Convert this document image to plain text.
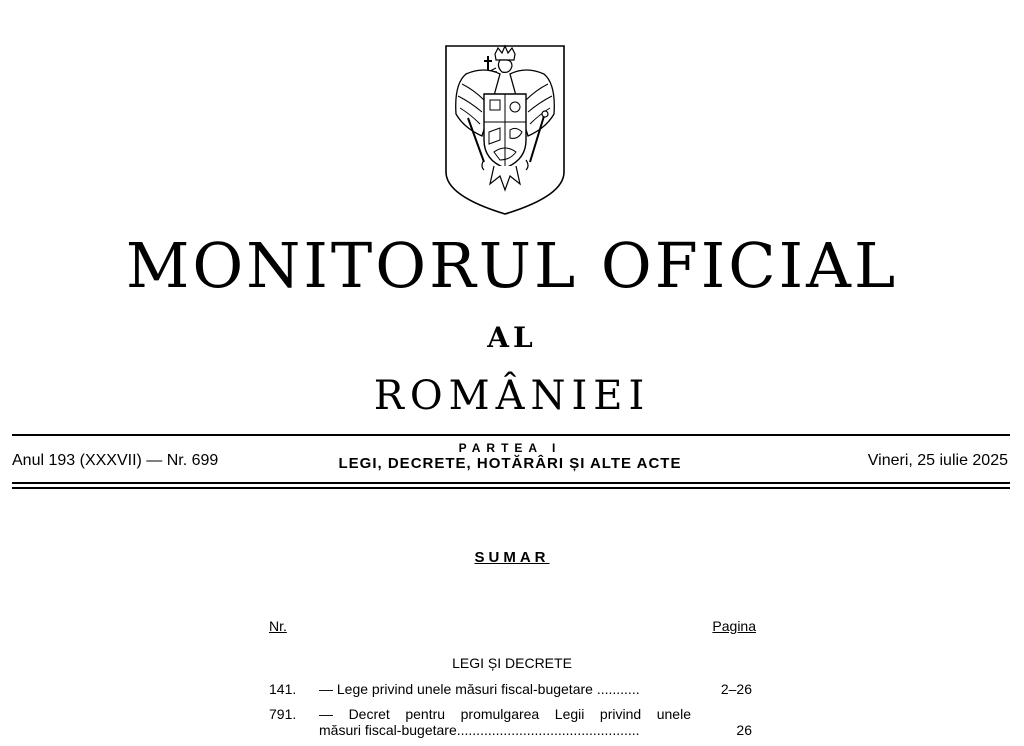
MONITORUL OFICIAL
AL
ROMÂNIEI
Anul 193 (XXXVII) — Nr. 699
PARTEA I
LEGI, DECRETE, HOTĂRÂRI ȘI ALTE ACTE	Vineri, 25 iulie 2025
SUMAR
Nr.	Pagina
LEGI ȘI DECRETE
141. — Lege privind unele măsuri fiscal-bugetare ...........	2–26
791. — Decret pentru promulgarea Legii privind unele
măsuri fiscal-bugetare...............................................	26
